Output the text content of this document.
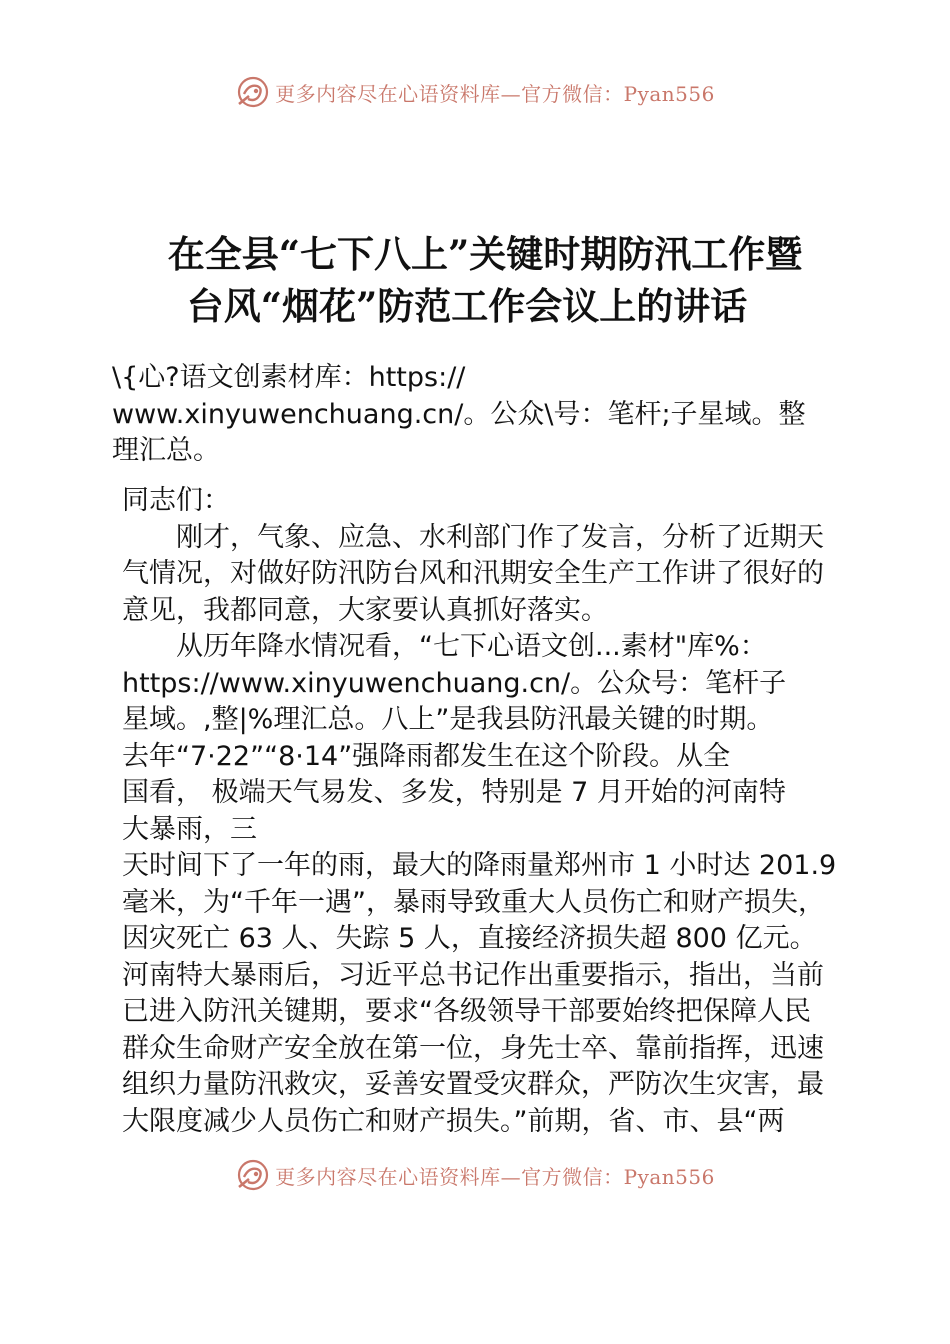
更多内容尽在心语资料库—官方微信：Pyan556
在全县“七下八上”关键时期防汛工作暨
台风“烟花”防范工作会议上的讲话
\{心?语文创素材库：https://
www.xinyuwenchuang.cn/。公众\号：笔杆;子星域。整
理汇总。
同志们：
刚才，气象、应急、水利部门作了发言，分析了近期天
气情况，对做好防汛防台风和汛期安全生产工作讲了很好的
意见，我都同意，大家要认真抓好落实。
从历年降水情况看，“七下心语文创...素材"库%：
https://www.xinyuwenchuang.cn/。公众号：笔杆子
星域。,整|%理汇总。八上”是我县防汛最关键的时期。
去年“7·22”“8·14”强降雨都发生在这个阶段。从全
国看， 极端天气易发、多发，特别是 7 月开始的河南特
大暴雨，三
天时间下了一年的雨，最大的降雨量郑州市 1 小时达 201.9
毫米，为“千年一遇”，暴雨导致重大人员伤亡和财产损失，
因灾死亡 63 人、失踪 5 人，直接经济损失超 800 亿元。
河南特大暴雨后，习近平总书记作出重要指示，指出，当前
已进入防汛关键期，要求“各级领导干部要始终把保障人民
群众生命财产安全放在第一位，身先士卒、靠前指挥，迅速
组织力量防汛救灾，妥善安置受灾群众，严防次生灾害，最
大限度减少人员伤亡和财产损失。”前期，省、市、县“两
更多内容尽在心语资料库—官方微信：Pyan556
